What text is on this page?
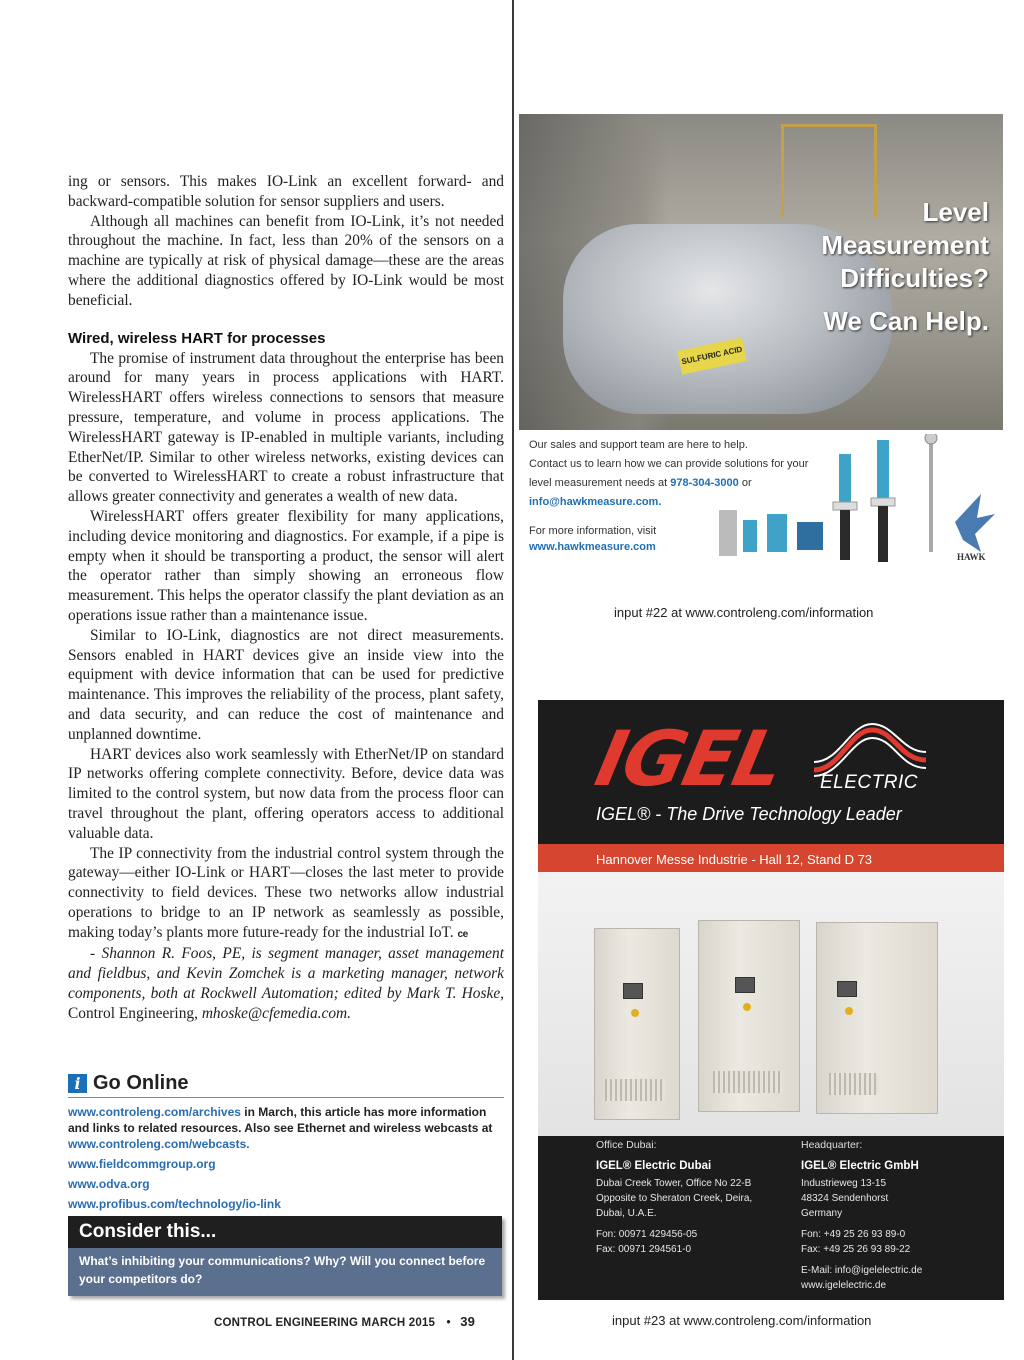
ing or sensors. This makes IO-Link an excellent forward- and backward-compatible solution for sensor suppliers and users.

Although all machines can benefit from IO-Link, it’s not needed throughout the machine. In fact, less than 20% of the sensors on a machine are typically at risk of physical damage—these are the areas where the additional diagnostics offered by IO-Link would be most beneficial.

Wired, wireless HART for processes

The promise of instrument data throughout the enterprise has been around for many years in process applications with HART. WirelessHART offers wireless connections to sensors that measure pressure, temperature, and volume in process applications. The WirelessHART gateway is IP-enabled in multiple variants, including EtherNet/IP. Similar to other wireless networks, existing devices can be converted to WirelessHART to create a robust infrastructure that allows greater connectivity and generates a wealth of new data.

WirelessHART offers greater flexibility for many applications, including device monitoring and diagnostics. For example, if a pipe is empty when it should be transporting a product, the sensor will alert the operator rather than simply showing an erroneous flow measurement. This helps the operator classify the plant deviation as an operations issue rather than a maintenance issue.

Similar to IO-Link, diagnostics are not direct measurements. Sensors enabled in HART devices give an inside view into the equipment with device information that can be used for predictive maintenance. This improves the reliability of the process, plant safety, and data security, and can reduce the cost of maintenance and unplanned downtime.

HART devices also work seamlessly with EtherNet/IP on standard IP networks offering complete connectivity. Before, device data was limited to the control system, but now data from the process floor can travel throughout the plant, offering operators access to additional valuable data.

The IP connectivity from the industrial control system through the gateway—either IO-Link or HART—closes the last meter to provide connectivity to field devices. These two networks allow industrial operations to bridge to an IP network as seamlessly as possible, making today’s plants more future-ready for the industrial IoT. ce

- Shannon R. Foos, PE, is segment manager, asset management and fieldbus, and Kevin Zomchek is a marketing manager, network components, both at Rockwell Automation; edited by Mark T. Hoske, Control Engineering, mhoske@cfemedia.com.

i Go Online
www.controleng.com/archives in March, this article has more information and links to related resources. Also see Ethernet and wireless webcasts at www.controleng.com/webcasts.
www.fieldcommgroup.org
www.odva.org
www.profibus.com/technology/io-link
Consider this...
What’s inhibiting your communications? Why? Will you connect before your competitors do?
CONTROL ENGINEERING MARCH 2015 • 39
SULFURIC ACID
Level
Measurement
Difficulties?
We Can Help.
Our sales and support team are here to help.
Contact us to learn how we can provide solutions for your
level measurement needs at 978-304-3000 or
info@hawkmeasure.com.
For more information, visit
www.hawkmeasure.com
HAWK
input #22 at www.controleng.com/information
IGEL ELECTRIC
IGEL® - The Drive Technology Leader
Hannover Messe Industrie - Hall 12, Stand D 73
Office Dubai:
IGEL® Electric Dubai
Dubai Creek Tower, Office No 22-B
Opposite to Sheraton Creek, Deira,
Dubai, U.A.E.
Fon: 00971 429456-05
Fax: 00971 294561-0
Headquarter:
IGEL® Electric GmbH
Industrieweg 13-15
48324 Sendenhorst
Germany
Fon: +49 25 26 93 89-0
Fax: +49 25 26 93 89-22
E-Mail: info@igelelectric.de
www.igelelectric.de
input #23 at www.controleng.com/information
